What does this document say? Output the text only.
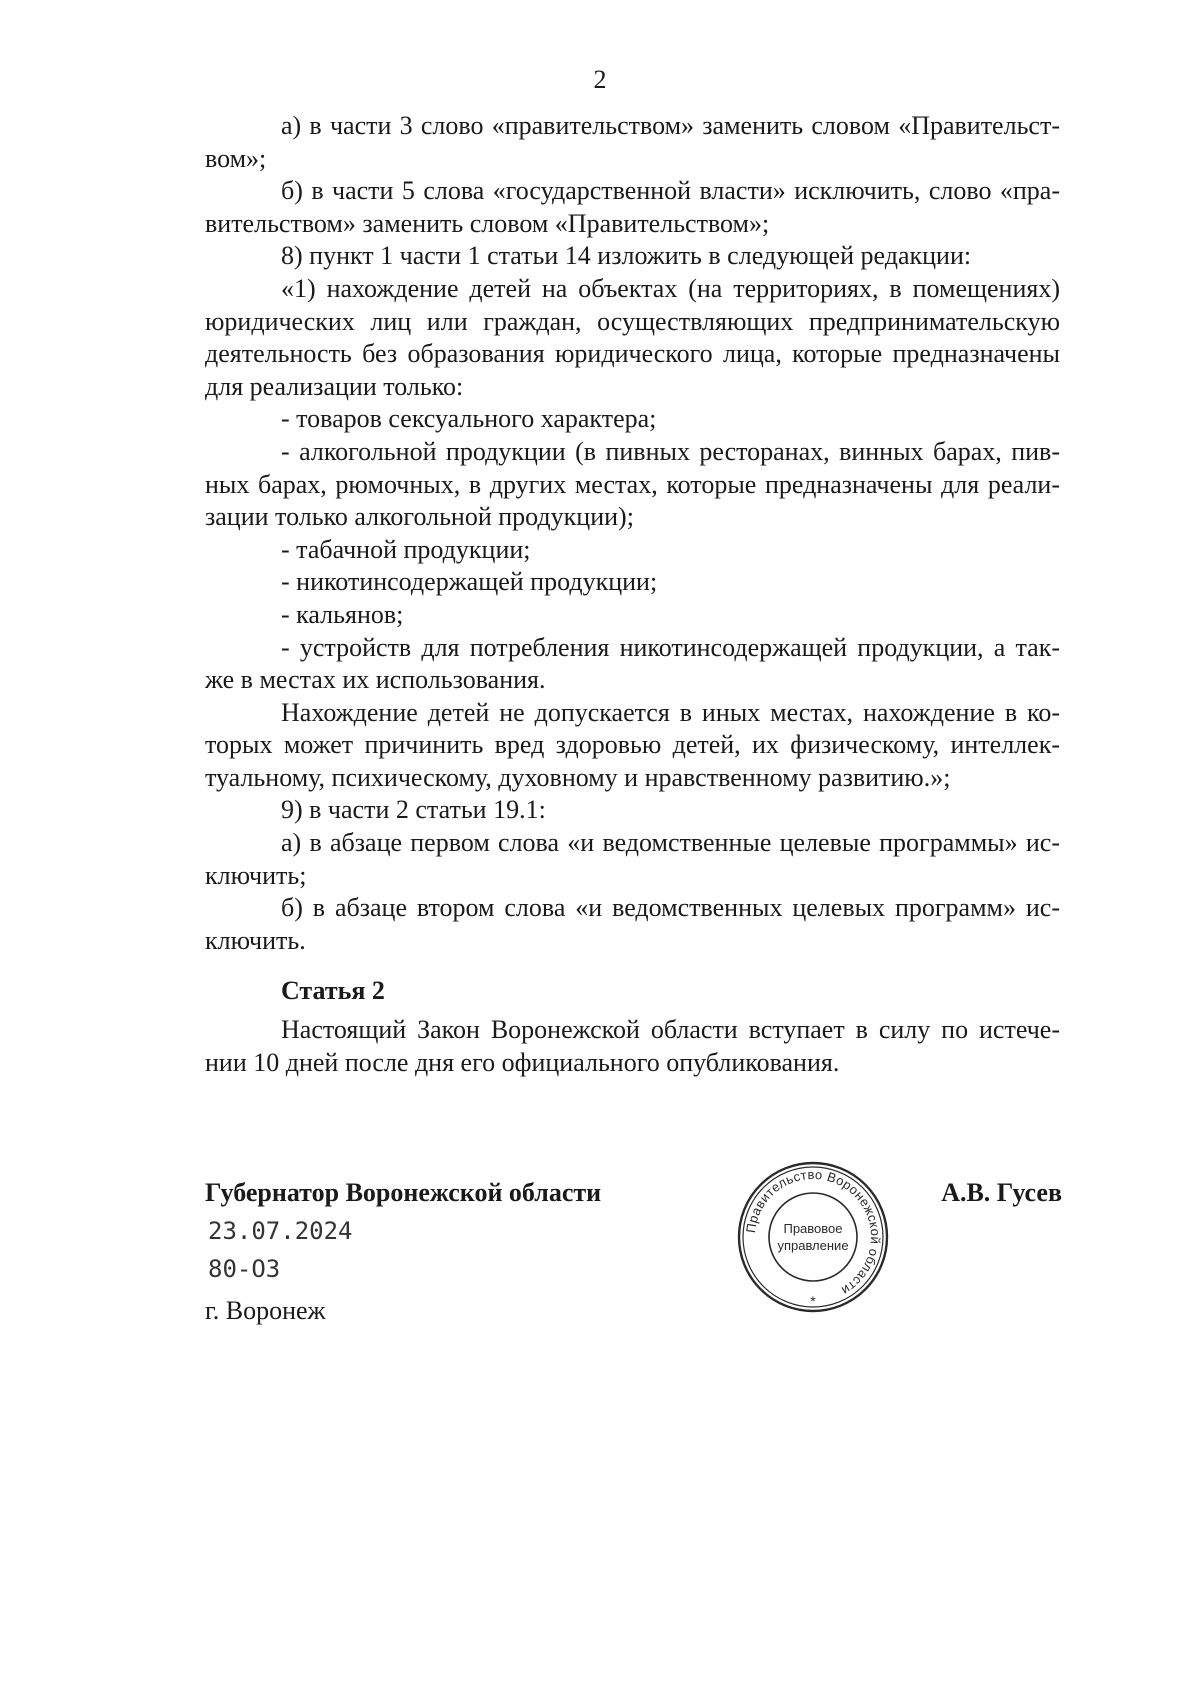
2

а) в части 3 слово «правительством» заменить словом «Правительст-вом»;

б) в части 5 слова «государственной власти» исключить, слово «пра-вительством» заменить словом «Правительством»;

8) пункт 1 части 1 статьи 14 изложить в следующей редакции:

«1) нахождение детей на объектах (на территориях, в помещениях) юридических лиц или граждан, осуществляющих предпринимательскую деятельность без образования юридического лица, которые предназначены для реализации только:

- товаров сексуального характера;

- алкогольной продукции (в пивных ресторанах, винных барах, пив-ных барах, рюмочных, в других местах, которые предназначены для реали-зации только алкогольной продукции);

- табачной продукции;

- никотинсодержащей продукции;

- кальянов;

- устройств для потребления никотинсодержащей продукции, а так-же в местах их использования.

Нахождение детей не допускается в иных местах, нахождение в ко-торых может причинить вред здоровью детей, их физическому, интеллек-туальному, психическому, духовному и нравственному развитию.»;

9) в части 2 статьи 19.1:

а) в абзаце первом слова «и ведомственные целевые программы» ис-ключить;

б) в абзаце втором слова «и ведомственных целевых программ» ис-ключить.

Статья 2

Настоящий Закон Воронежской области вступает в силу по истече-нии 10 дней после дня его официального опубликования.

Губернатор Воронежской области	А.В. Гусев

23.07.2024

80-ОЗ

г. Воронеж

Правительство Воронежской области
Правовое
управление
*
